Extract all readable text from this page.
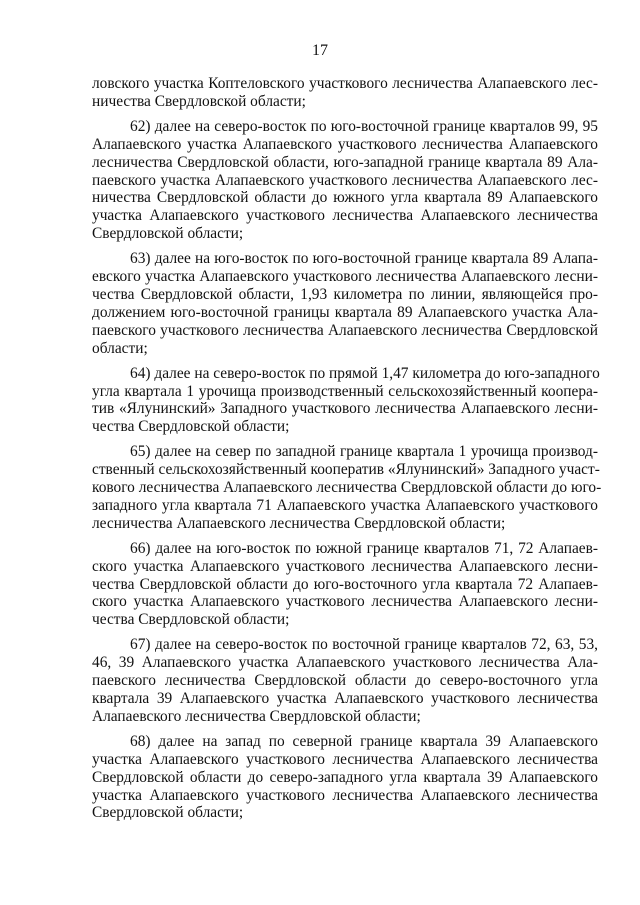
17

ловского участка Коптеловского участкового лесничества Алапаевского лес-
ничества Свердловской области;

62) далее на северо-восток по юго-восточной границе кварталов 99, 95
Алапаевского участка Алапаевского участкового лесничества Алапаевского
лесничества Свердловской области, юго-западной границе квартала 89 Ала-
паевского участка Алапаевского участкового лесничества Алапаевского лес-
ничества Свердловской области до южного угла квартала 89 Алапаевского
участка Алапаевского участкового лесничества Алапаевского лесничества
Свердловской области;

63) далее на юго-восток по юго-восточной границе квартала 89 Алапа-
евского участка Алапаевского участкового лесничества Алапаевского лесни-
чества Свердловской области, 1,93 километра по линии, являющейся про-
должением юго-восточной границы квартала 89 Алапаевского участка Ала-
паевского участкового лесничества Алапаевского лесничества Свердловской
области;

64) далее на северо-восток по прямой 1,47 километра до юго-западного
угла квартала 1 урочища производственный сельскохозяйственный коопера-
тив «Ялунинский» Западного участкового лесничества Алапаевского лесни-
чества Свердловской области;

65) далее на север по западной границе квартала 1 урочища производ-
ственный сельскохозяйственный кооператив «Ялунинский» Западного участ-
кового лесничества Алапаевского лесничества Свердловской области до юго-
западного угла квартала 71 Алапаевского участка Алапаевского участкового
лесничества Алапаевского лесничества Свердловской области;

66) далее на юго-восток по южной границе кварталов 71, 72 Алапаев-
ского участка Алапаевского участкового лесничества Алапаевского лесни-
чества Свердловской области до юго-восточного угла квартала 72 Алапаев-
ского участка Алапаевского участкового лесничества Алапаевского лесни-
чества Свердловской области;

67) далее на северо-восток по восточной границе кварталов 72, 63, 53,
46, 39 Алапаевского участка Алапаевского участкового лесничества Ала-
паевского лесничества Свердловской области до северо-восточного угла
квартала 39 Алапаевского участка Алапаевского участкового лесничества
Алапаевского лесничества Свердловской области;

68) далее на запад по северной границе квартала 39 Алапаевского
участка Алапаевского участкового лесничества Алапаевского лесничества
Свердловской области до северо-западного угла квартала 39 Алапаевского
участка Алапаевского участкового лесничества Алапаевского лесничества
Свердловской области;
